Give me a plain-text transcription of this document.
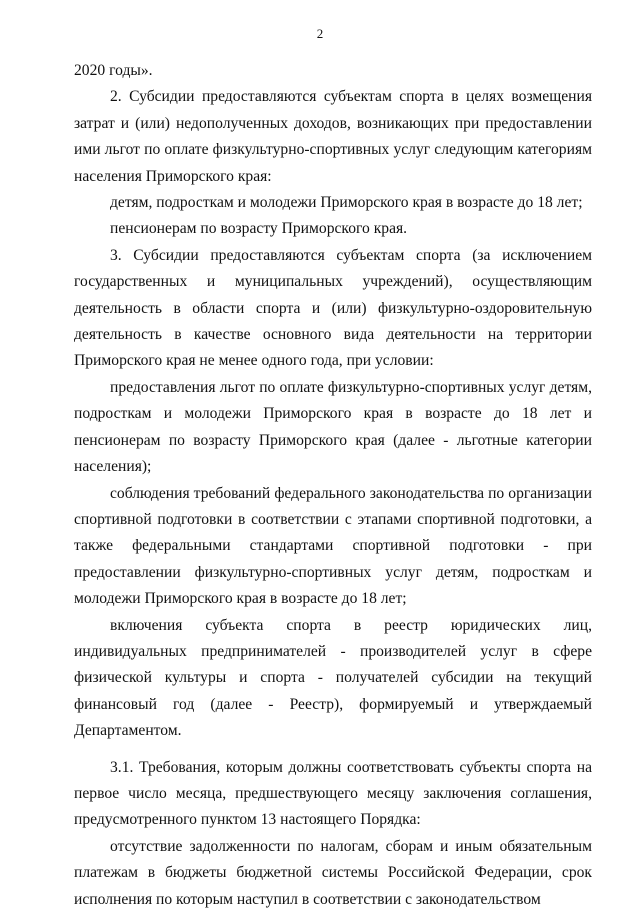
2

2020 годы».

2. Субсидии предоставляются субъектам спорта в целях возмещения затрат и (или) недополученных доходов, возникающих при предоставлении ими льгот по оплате физкультурно-спортивных услуг следующим категориям населения Приморского края:

детям, подросткам и молодежи Приморского края в возрасте до 18 лет;

пенсионерам по возрасту Приморского края.

3. Субсидии предоставляются субъектам спорта (за исключением государственных и муниципальных учреждений), осуществляющим деятельность в области спорта и (или) физкультурно-оздоровительную деятельность в качестве основного вида деятельности на территории Приморского края не менее одного года, при условии:

предоставления льгот по оплате физкультурно-спортивных услуг детям, подросткам и молодежи Приморского края в возрасте до 18 лет и пенсионерам по возрасту Приморского края (далее - льготные категории населения);

соблюдения требований федерального законодательства по организации спортивной подготовки в соответствии с этапами спортивной подготовки, а также федеральными стандартами спортивной подготовки - при предоставлении физкультурно-спортивных услуг детям, подросткам и молодежи Приморского края в возрасте до 18 лет;

включения субъекта спорта в реестр юридических лиц, индивидуальных предпринимателей - производителей услуг в сфере физической культуры и спорта - получателей субсидии на текущий финансовый год (далее - Реестр), формируемый и утверждаемый Департаментом.

3.1. Требования, которым должны соответствовать субъекты спорта на первое число месяца, предшествующего месяцу заключения соглашения, предусмотренного пунктом 13 настоящего Порядка:

отсутствие задолженности по налогам, сборам и иным обязательным платежам в бюджеты бюджетной системы Российской Федерации, срок исполнения по которым наступил в соответствии с законодательством
